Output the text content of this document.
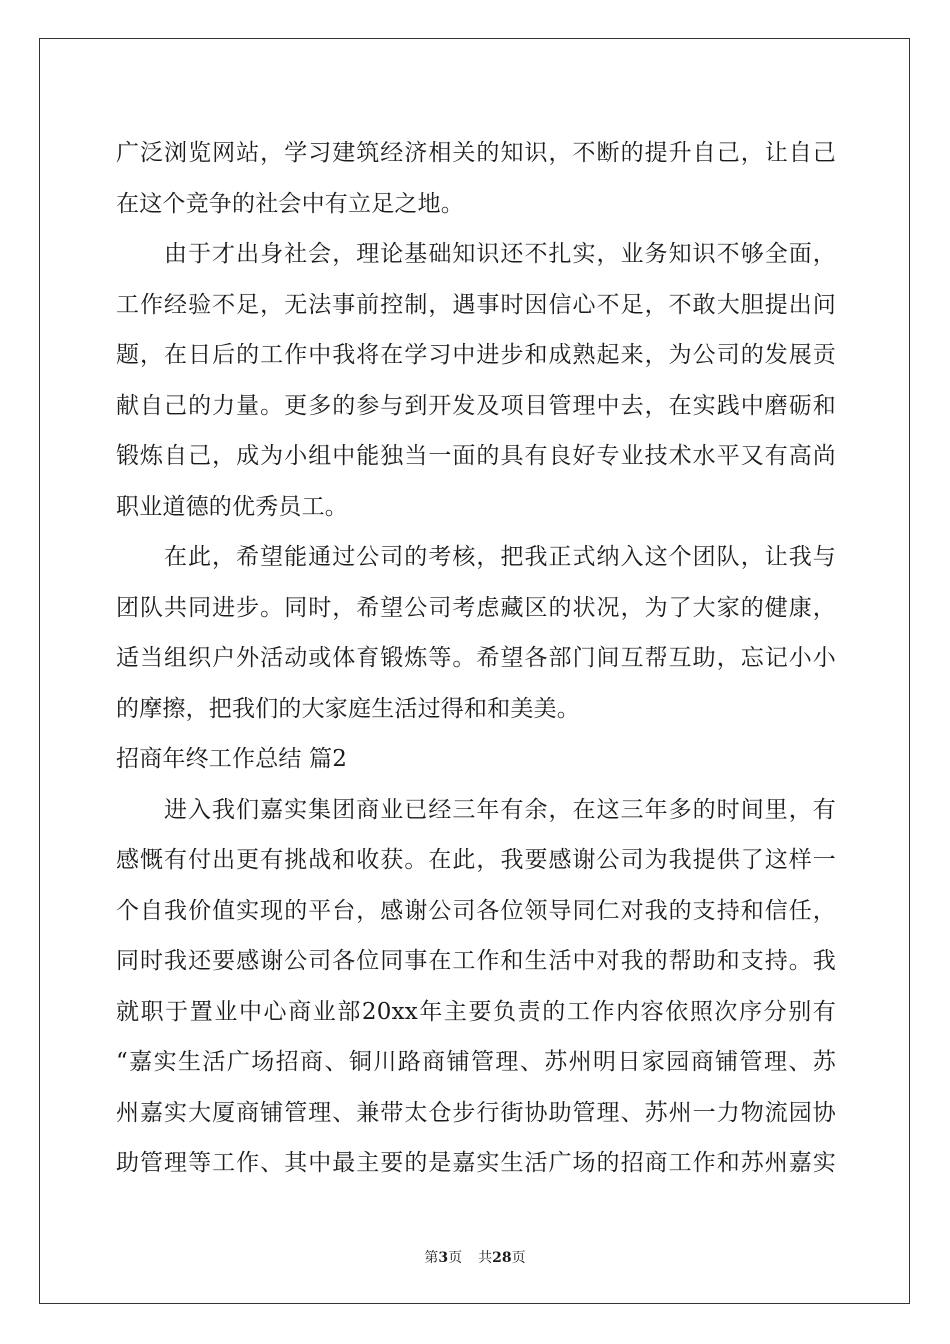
广泛浏览网站，学习建筑经济相关的知识，不断的提升自己，让自己
在这个竞争的社会中有立足之地。
由于才出身社会，理论基础知识还不扎实，业务知识不够全面，
工作经验不足，无法事前控制，遇事时因信心不足，不敢大胆提出问
题，在日后的工作中我将在学习中进步和成熟起来，为公司的发展贡
献自己的力量。更多的参与到开发及项目管理中去，在实践中磨砺和
锻炼自己，成为小组中能独当一面的具有良好专业技术水平又有高尚
职业道德的优秀员工。
在此，希望能通过公司的考核，把我正式纳入这个团队，让我与
团队共同进步。同时，希望公司考虑藏区的状况，为了大家的健康，
适当组织户外活动或体育锻炼等。希望各部门间互帮互助，忘记小小
的摩擦，把我们的大家庭生活过得和和美美。
招商年终工作总结 篇2
进入我们嘉实集团商业已经三年有余，在这三年多的时间里，有
感慨有付出更有挑战和收获。在此，我要感谢公司为我提供了这样一
个自我价值实现的平台，感谢公司各位领导同仁对我的支持和信任，
同时我还要感谢公司各位同事在工作和生活中对我的帮助和支持。我
就职于置业中心商业部20xx年主要负责的工作内容依照次序分别有
“嘉实生活广场招商、铜川路商铺管理、苏州明日家园商铺管理、苏
州嘉实大厦商铺管理、兼带太仓步行街协助管理、苏州一力物流园协
助管理等工作、其中最主要的是嘉实生活广场的招商工作和苏州嘉实
第3页 共28页
